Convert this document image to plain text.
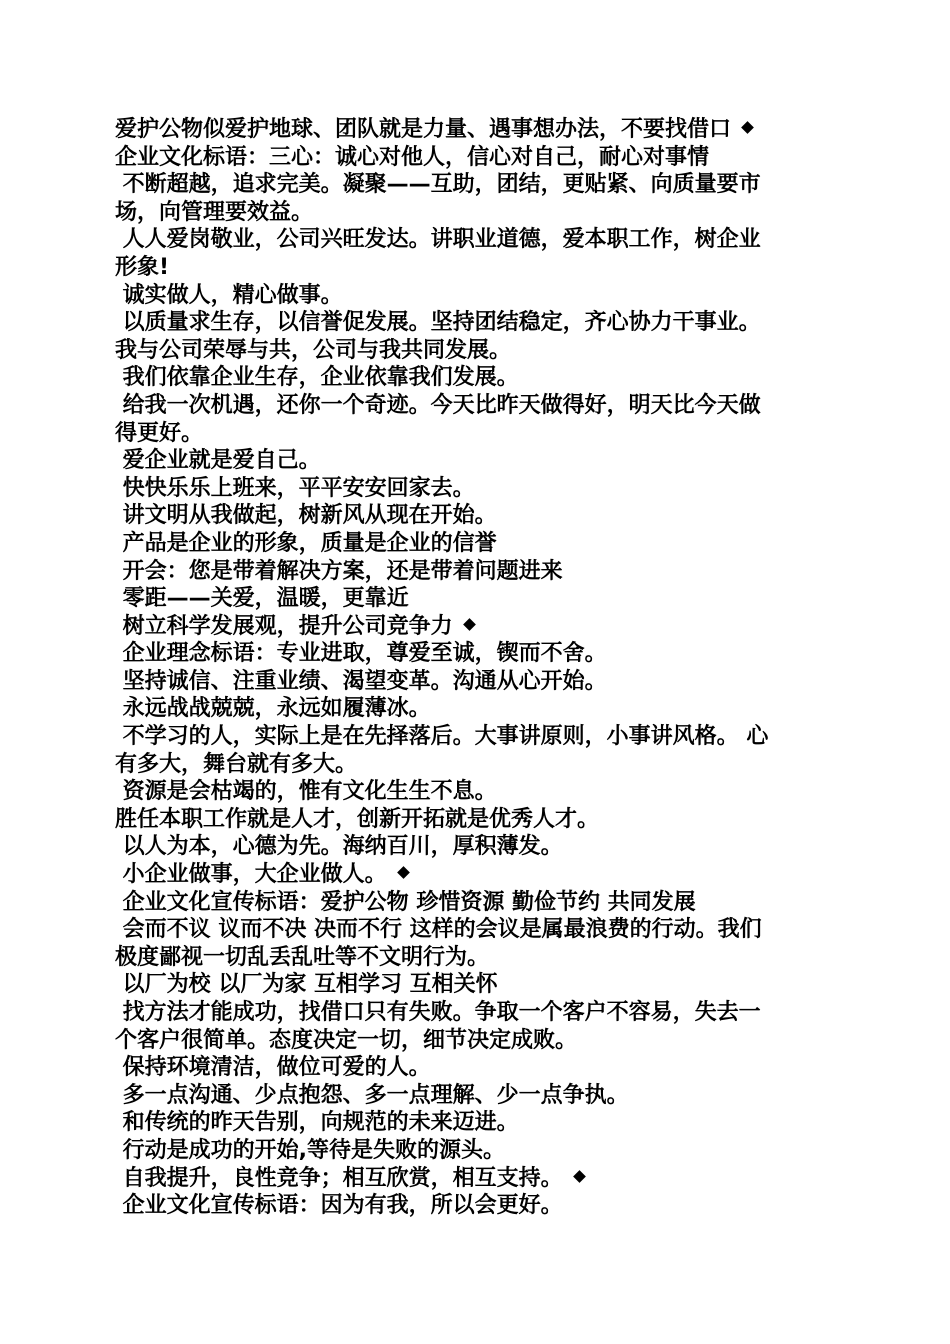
爱护公物似爱护地球、团队就是力量、遇事想办法，不要找借口
企业文化标语：三心：诚心对他人，信心对自己，耐心对事情
不断超越，追求完美。凝聚——互助，团结，更贴紧、向质量要市
场，向管理要效益。
人人爱岗敬业，公司兴旺发达。讲职业道德，爱本职工作，树企业
形象!
诚实做人，精心做事。
以质量求生存，以信誉促发展。坚持团结稳定，齐心协力干事业。
我与公司荣辱与共，公司与我共同发展。
我们依靠企业生存，企业依靠我们发展。
给我一次机遇，还你一个奇迹。今天比昨天做得好，明天比今天做
得更好。
爱企业就是爱自己。
快快乐乐上班来，平平安安回家去。
讲文明从我做起，树新风从现在开始。
产品是企业的形象，质量是企业的信誉
开会：您是带着解决方案，还是带着问题进来
零距——关爱，温暖，更靠近
树立科学发展观，提升公司竞争力
企业理念标语：专业进取，尊爱至诚，锲而不舍。
坚持诚信、注重业绩、渴望变革。沟通从心开始。
永远战战兢兢，永远如履薄冰。
不学习的人，实际上是在先择落后。大事讲原则，小事讲风格。 心
有多大，舞台就有多大。
资源是会枯竭的，惟有文化生生不息。
胜任本职工作就是人才，创新开拓就是优秀人才。
以人为本，心德为先。海纳百川，厚积薄发。
小企业做事，大企业做人。
企业文化宣传标语：爱护公物 珍惜资源 勤俭节约 共同发展
会而不议 议而不决 决而不行 这样的会议是属最浪费的行动。我们
极度鄙视一切乱丢乱吐等不文明行为。
以厂为校 以厂为家 互相学习 互相关怀
找方法才能成功，找借口只有失败。争取一个客户不容易，失去一
个客户很简单。态度决定一切，细节决定成败。
保持环境清洁，做位可爱的人。
多一点沟通、少点抱怨、多一点理解、少一点争执。
和传统的昨天告别，向规范的未来迈进。
行动是成功的开始,等待是失败的源头。
自我提升，良性竞争；相互欣赏，相互支持。
企业文化宣传标语：因为有我，所以会更好。
